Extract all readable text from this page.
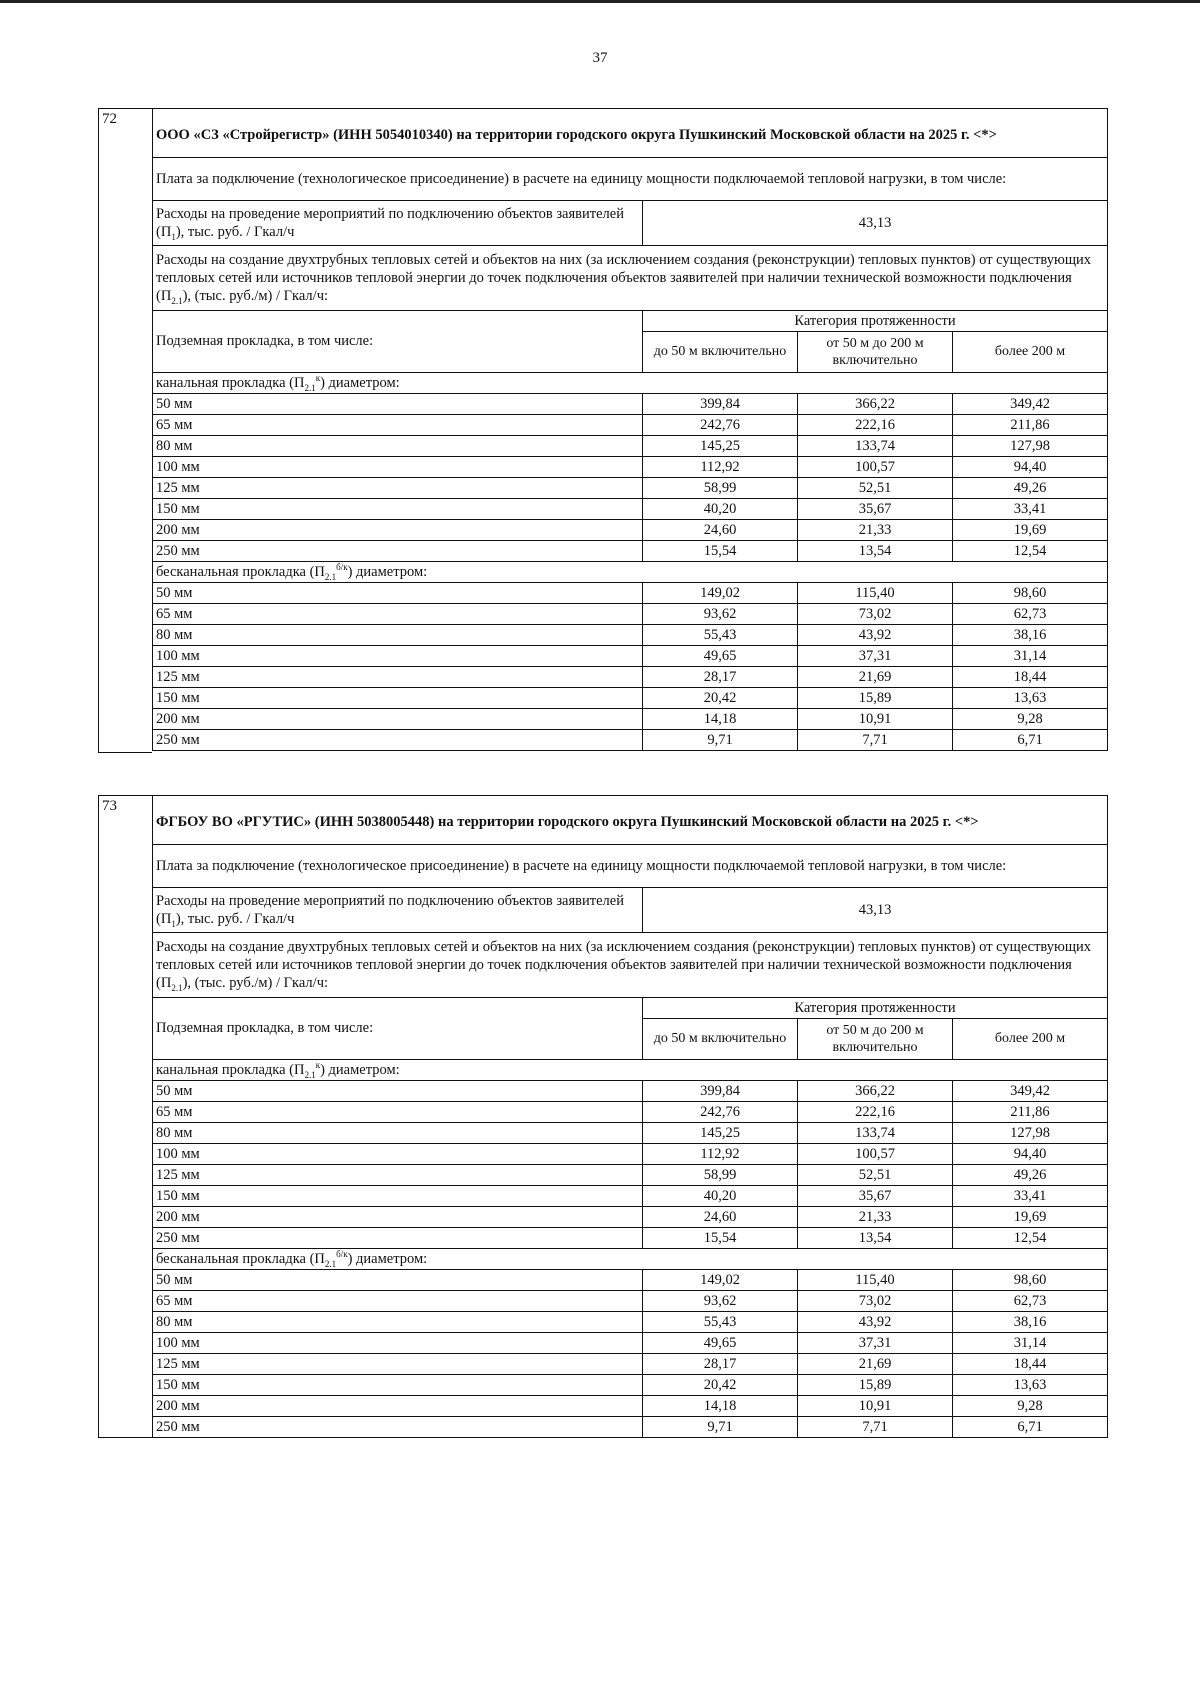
37
72
ООО «СЗ «Стройрегистр» (ИНН 5054010340) на территории городского округа Пушкинский Московской области на 2025 г. <*>			
Плата за подключение (технологическое присоединение) в расчете на единицу мощности подключаемой тепловой нагрузки, в том числе:			
Расходы на проведение мероприятий по подключению объектов заявителей $(П_1)$, тыс. руб. / Гкал/ч	43,13		
Расходы на создание двухтрубных тепловых сетей и объектов на них (за исключением создания (реконструкции) тепловых пунктов) от существующих тепловых сетей или источников тепловой энергии до точек подключения объектов заявителей при наличии технической возможности подключения $(П_{2.1})$, (тыс. руб./м) / Гкал/ч:			
Подземная прокладка, в том числе:	Категория протяженности		
	до 50 м включительно	от 50 м до 200 м включительно	более 200 м
канальная прокладка $(П_{2.1}^к)$ диаметром:			
50 мм	399,84	366,22	349,42
65 мм	242,76	222,16	211,86
80 мм	145,25	133,74	127,98
100 мм	112,92	100,57	94,40
125 мм	58,99	52,51	49,26
150 мм	40,20	35,67	33,41
200 мм	24,60	21,33	19,69
250 мм	15,54	13,54	12,54
бесканальная прокладка $(П_{2.1}^{б/к})$ диаметром:			
50 мм	149,02	115,40	98,60
65 мм	93,62	73,02	62,73
80 мм	55,43	43,92	38,16
100 мм	49,65	37,31	31,14
125 мм	28,17	21,69	18,44
150 мм	20,42	15,89	13,63
200 мм	14,18	10,91	9,28
250 мм	9,71	7,71	6,71
73
ФГБОУ ВО «РГУТИС» (ИНН 5038005448) на территории городского округа Пушкинский Московской области на 2025 г. <*>			
Плата за подключение (технологическое присоединение) в расчете на единицу мощности подключаемой тепловой нагрузки, в том числе:			
Расходы на проведение мероприятий по подключению объектов заявителей $(П_1)$, тыс. руб. / Гкал/ч	43,13		
Расходы на создание двухтрубных тепловых сетей и объектов на них (за исключением создания (реконструкции) тепловых пунктов) от существующих тепловых сетей или источников тепловой энергии до точек подключения объектов заявителей при наличии технической возможности подключения $(П_{2.1})$, (тыс. руб./м) / Гкал/ч:			
Подземная прокладка, в том числе:	Категория протяженности		
	до 50 м включительно	от 50 м до 200 м включительно	более 200 м
канальная прокладка $(П_{2.1}^к)$ диаметром:			
50 мм	399,84	366,22	349,42
65 мм	242,76	222,16	211,86
80 мм	145,25	133,74	127,98
100 мм	112,92	100,57	94,40
125 мм	58,99	52,51	49,26
150 мм	40,20	35,67	33,41
200 мм	24,60	21,33	19,69
250 мм	15,54	13,54	12,54
бесканальная прокладка $(П_{2.1}^{б/к})$ диаметром:			
50 мм	149,02	115,40	98,60
65 мм	93,62	73,02	62,73
80 мм	55,43	43,92	38,16
100 мм	49,65	37,31	31,14
125 мм	28,17	21,69	18,44
150 мм	20,42	15,89	13,63
200 мм	14,18	10,91	9,28
250 мм	9,71	7,71	6,71
